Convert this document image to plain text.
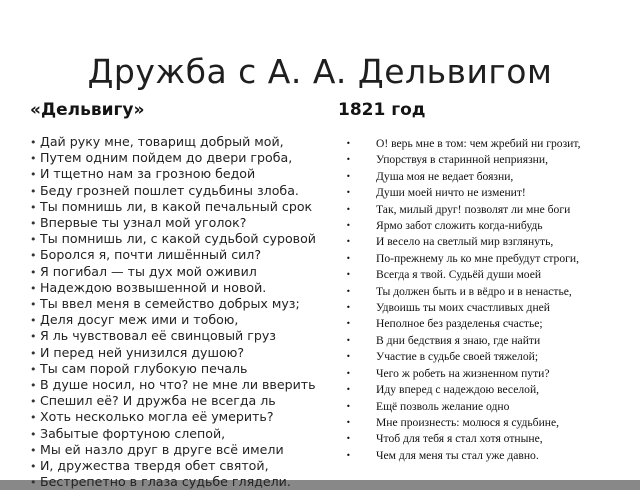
Дружба с А. А. Дельвигом
«Дельвигу»
• Дай руку мне, товарищ добрый мой,
• Путем одним пойдем до двери гроба,
• И тщетно нам за грозною бедой
• Беду грозней пошлет судьбины злоба.
• Ты помнишь ли, в какой печальный срок
• Впервые ты узнал мой уголок?
• Ты помнишь ли, с какой судьбой суровой
• Боролся я, почти лишённый сил?
• Я погибал — ты дух мой оживил
• Надеждою возвышенной и новой.
• Ты ввел меня в семейство добрых муз;
• Деля досуг меж ими и тобою,
• Я ль чувствовал её свинцовый груз
• И перед ней унизился душою?
• Ты сам порой глубокую печаль
• В душе носил, но что? не мне ли вверить
• Спешил её? И дружба не всегда ль
• Хоть несколько могла её умерить?
• Забытые фортуною слепой,
• Мы ей назло друг в друге всё имели
• И, дружества твердя обет святой,
• Бестрепетно в глаза судьбе глядели.
1821 год
•	О! верь мне в том: чем жребий ни грозит,
•	Упорствуя в старинной неприязни,
•	Душа моя не ведает боязни,
•	Души моей ничто не изменит!
•	Так, милый друг! позволят ли мне боги
•	Ярмо забот сложить когда-нибудь
•	И весело на светлый мир взглянуть,
•	По-прежнему ль ко мне пребудут строги,
•	Всегда я твой. Судьёй души моей
•	Ты должен быть и в вёдро и в ненастье,
•	Удвоишь ты моих счастливых дней
•	Неполное без разделенья счастье;
•	В дни бедствия я знаю, где найти
•	Участие в судьбе своей тяжелой;
•	Чего ж робеть на жизненном пути?
•	Иду вперед с надеждою веселой,
•	Ещё позволь желание одно
•	Мне произнесть: молюся я судьбине,
•	Чтоб для тебя я стал хотя отныне,
•	Чем для меня ты стал уже давно.
